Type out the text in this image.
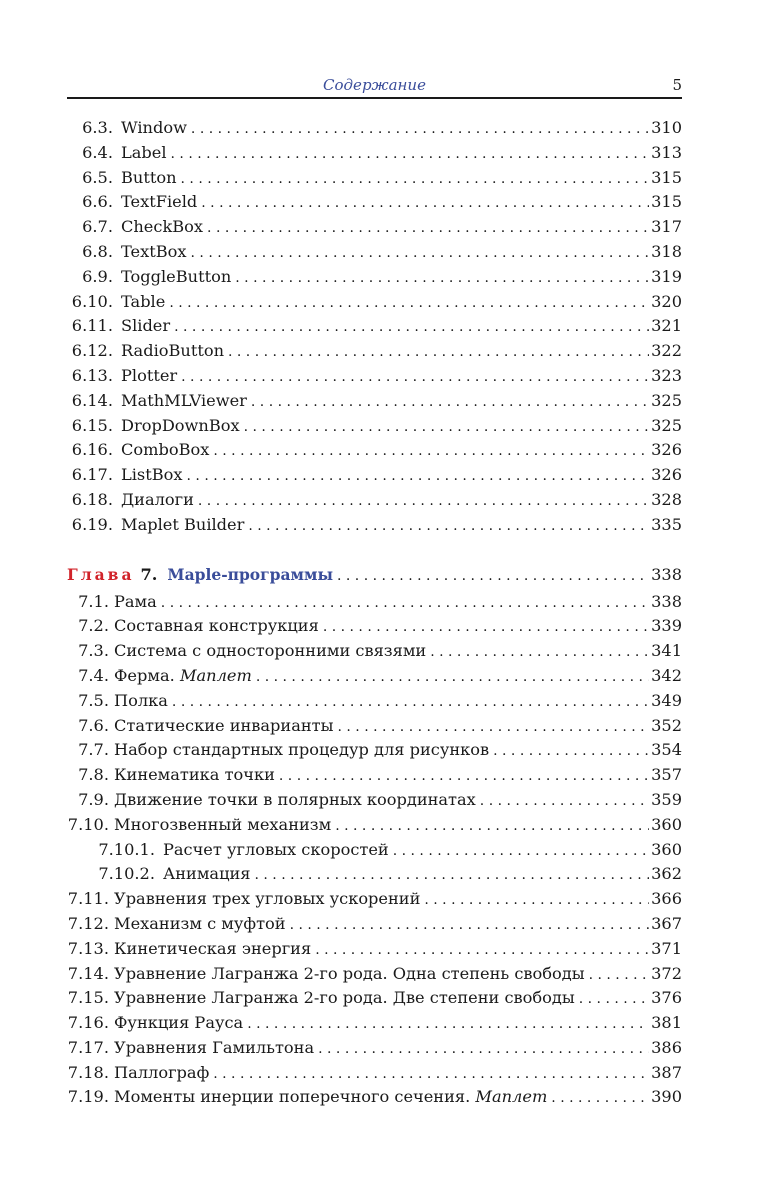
Содержание	5
6.3. Window . . .	310
6.4. Label . . .	313
6.5. Button . . .	315
6.6. TextField . . .	315
6.7. CheckBox . . .	317
6.8. TextBox . . .	318
6.9. ToggleButton . . .	319
6.10. Table . . .	320
6.11. Slider . . .	321
6.12. RadioButton . . .	322
6.13. Plotter . . .	323
6.14. MathMLViewer . . .	325
6.15. DropDownBox . . .	325
6.16. ComboBox . . .	326
6.17. ListBox . . .	326
6.18. Диалоги . . .	328
6.19. Maplet Builder . . .	335
Глава 7. Maple-программы . . .	338
7.1. Рама . . .	338
7.2. Составная конструкция . . .	339
7.3. Система с односторонними связями . . .	341
7.4. Ферма. Маплет . . .	342
7.5. Полка . . .	349
7.6. Статические инварианты . . .	352
7.7. Набор стандартных процедур для рисунков . . .	354
7.8. Кинематика точки . . .	357
7.9. Движение точки в полярных координатах . . .	359
7.10. Многозвенный механизм . . .	360
7.10.1. Расчет угловых скоростей . . .	360
7.10.2. Анимация . . .	362
7.11. Уравнения трех угловых ускорений . . .	366
7.12. Механизм с муфтой . . .	367
7.13. Кинетическая энергия . . .	371
7.14. Уравнение Лагранжа 2-го рода. Одна степень свободы . . .	372
7.15. Уравнение Лагранжа 2-го рода. Две степени свободы . . .	376
7.16. Функция Рауса . . .	381
7.17. Уравнения Гамильтона . . .	386
7.18. Паллограф . . .	387
7.19. Моменты инерции поперечного сечения. Маплет . . .	390
